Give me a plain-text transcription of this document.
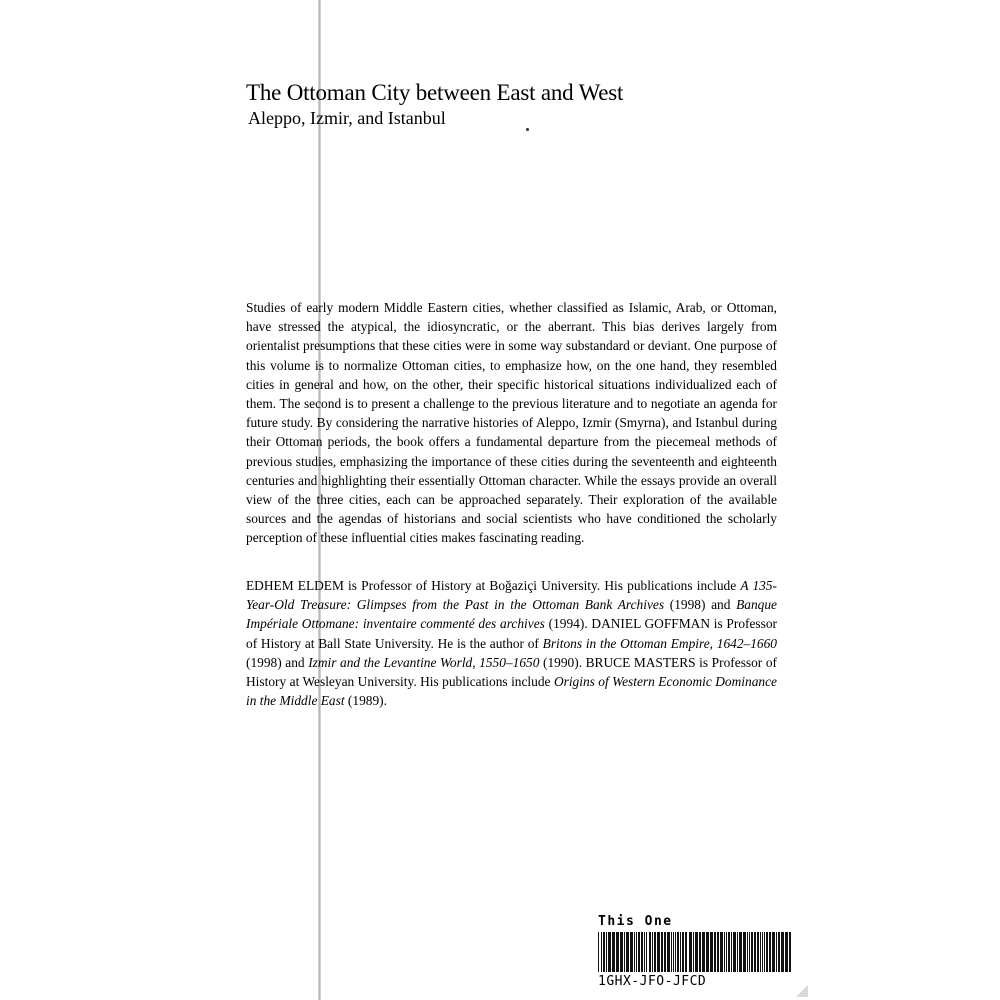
The Ottoman City between East and West
Aleppo, Izmir, and Istanbul
Studies of early modern Middle Eastern cities, whether classified as Islamic, Arab, or Ottoman, have stressed the atypical, the idiosyncratic, or the aberrant. This bias derives largely from orientalist presumptions that these cities were in some way substandard or deviant. One purpose of this volume is to normalize Ottoman cities, to emphasize how, on the one hand, they resembled cities in general and how, on the other, their specific historical situations individualized each of them. The second is to present a challenge to the previous literature and to negotiate an agenda for future study. By considering the narrative histories of Aleppo, Izmir (Smyrna), and Istanbul during their Ottoman periods, the book offers a fundamental departure from the piecemeal methods of previous studies, emphasizing the importance of these cities during the seventeenth and eighteenth centuries and highlighting their essentially Ottoman character. While the essays provide an overall view of the three cities, each can be approached separately. Their exploration of the available sources and the agendas of historians and social scientists who have conditioned the scholarly perception of these influential cities makes fascinating reading.
EDHEM ELDEM is Professor of History at Boğaziçi University. His publications include A 135-Year-Old Treasure: Glimpses from the Past in the Ottoman Bank Archives (1998) and Banque Impériale Ottomane: inventaire commenté des archives (1994). DANIEL GOFFMAN is Professor of History at Ball State University. He is the author of Britons in the Ottoman Empire, 1642–1660 (1998) and Izmir and the Levantine World, 1550–1650 (1990). BRUCE MASTERS is Professor of History at Wesleyan University. His publications include Origins of Western Economic Dominance in the Middle East (1989).
This One
1GHX-JFO-JFCD
